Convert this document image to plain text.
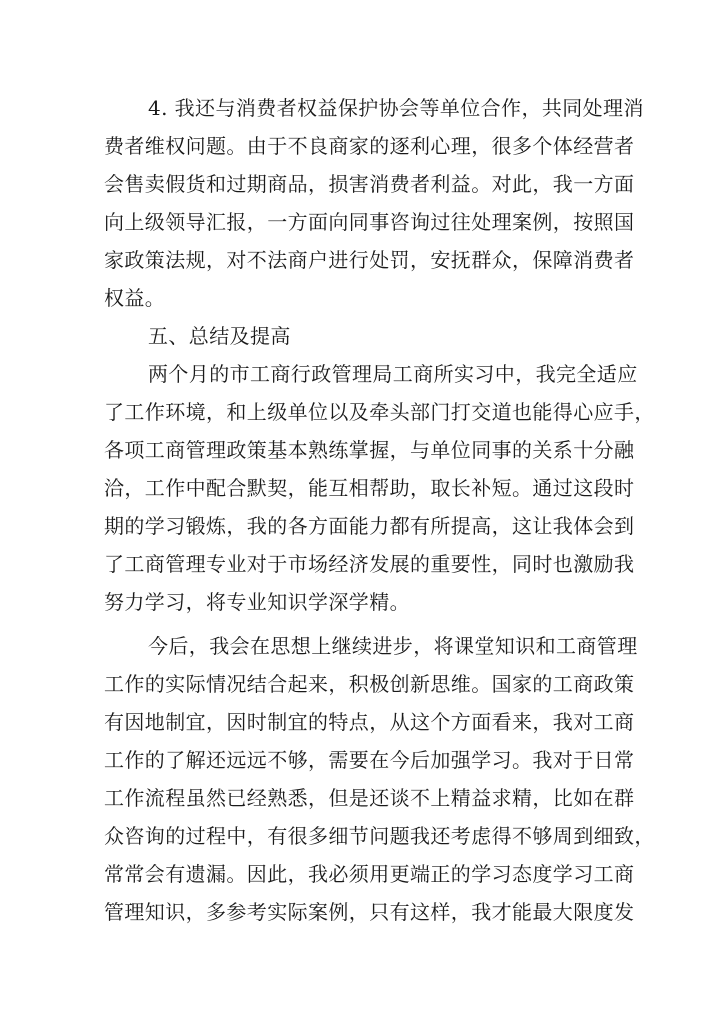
4. 我还与消费者权益保护协会等单位合作，共同处理消
费者维权问题。由于不良商家的逐利心理，很多个体经营者
会售卖假货和过期商品，损害消费者利益。对此，我一方面
向上级领导汇报，一方面向同事咨询过往处理案例，按照国
家政策法规，对不法商户进行处罚，安抚群众，保障消费者
权益。
五、总结及提高
两个月的市工商行政管理局工商所实习中，我完全适应
了工作环境，和上级单位以及牵头部门打交道也能得心应手，
各项工商管理政策基本熟练掌握，与单位同事的关系十分融
洽，工作中配合默契，能互相帮助，取长补短。通过这段时
期的学习锻炼，我的各方面能力都有所提高，这让我体会到
了工商管理专业对于市场经济发展的重要性，同时也激励我
努力学习，将专业知识学深学精。
今后，我会在思想上继续进步，将课堂知识和工商管理
工作的实际情况结合起来，积极创新思维。国家的工商政策
有因地制宜，因时制宜的特点，从这个方面看来，我对工商
工作的了解还远远不够，需要在今后加强学习。我对于日常
工作流程虽然已经熟悉，但是还谈不上精益求精，比如在群
众咨询的过程中，有很多细节问题我还考虑得不够周到细致，
常常会有遗漏。因此，我必须用更端正的学习态度学习工商
管理知识，多参考实际案例，只有这样，我才能最大限度发
